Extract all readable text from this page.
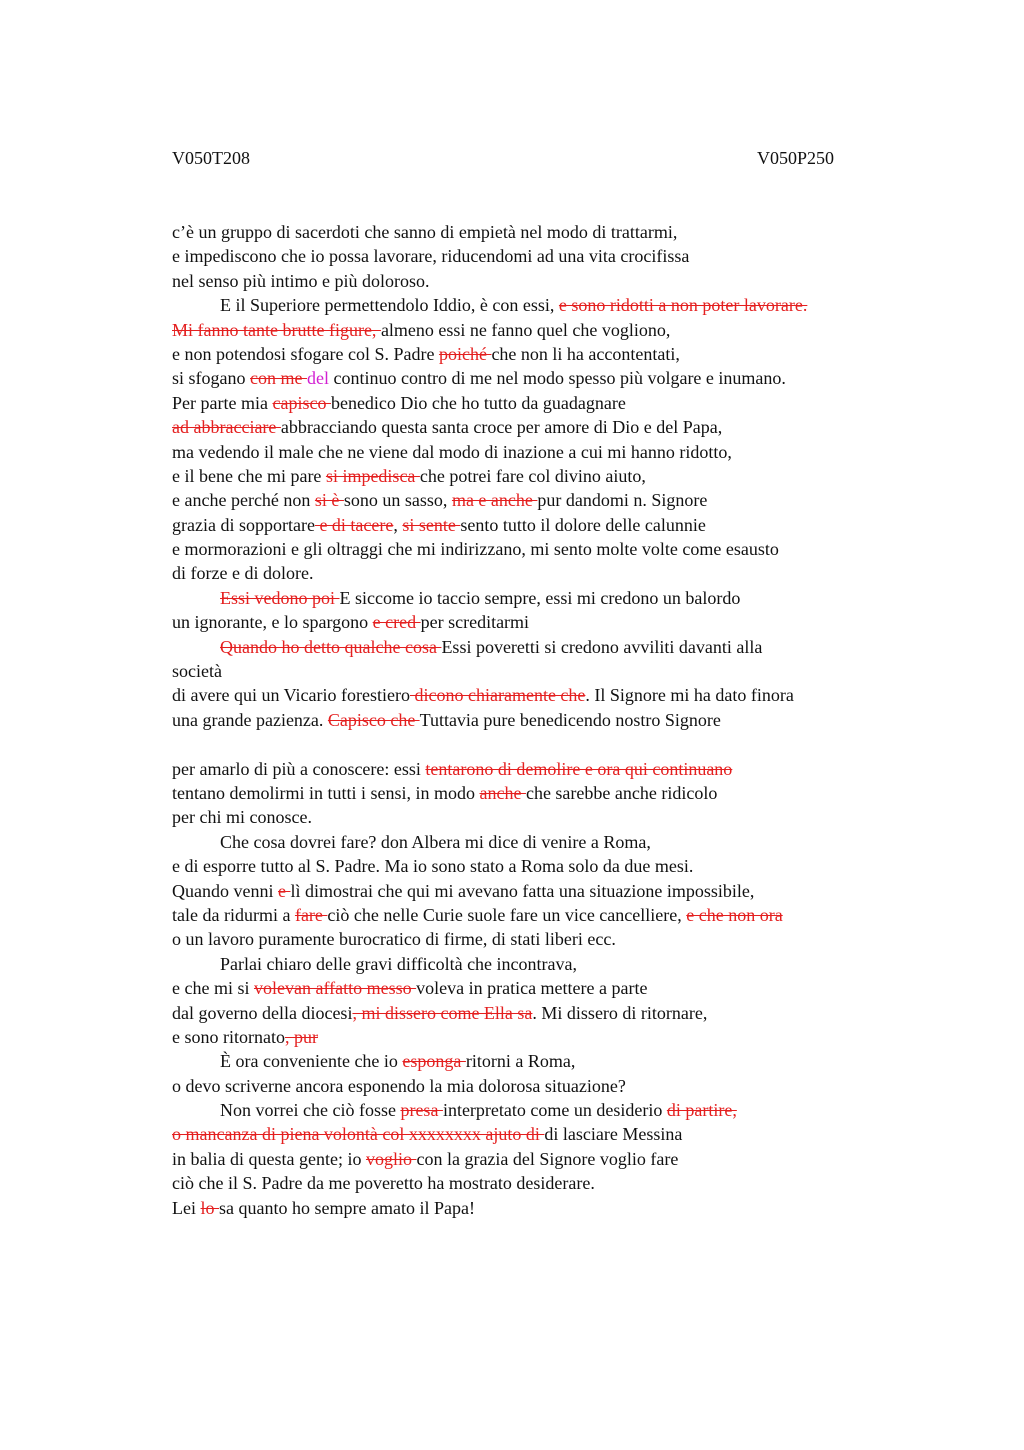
V050T208	V050P250
c’è un gruppo di sacerdoti che sanno di empietà nel modo di trattarmi,
e impediscono che io possa lavorare, riducendomi ad una vita crocifissa
nel senso più intimo e più doloroso.
E il Superiore permettendolo Iddio, è con essi, e sono ridotti a non poter lavorare.
Mi fanno tante brutte figure, almeno essi ne fanno quel che vogliono,
e non potendosi sfogare col S. Padre poiché che non li ha accontentati,
si sfogano con me del continuo contro di me nel modo spesso più volgare e inumano.
Per parte mia capisco benedico Dio che ho tutto da guadagnare
ad abbracciare abbracciando questa santa croce per amore di Dio e del Papa,
ma vedendo il male che ne viene dal modo di inazione a cui mi hanno ridotto,
e il bene che mi pare si impedisca che potrei fare col divino aiuto,
e anche perché non si è sono un sasso, ma e anche pur dandomi n. Signore
grazia di sopportare e di tacere, si sente sento tutto il dolore delle calunnie
e mormorazioni e gli oltraggi che mi indirizzano, mi sento molte volte come esausto
di forze e di dolore.
Essi vedono poi E siccome io taccio sempre, essi mi credono un balordo
un ignorante, e lo spargono e cred per screditarmi
Quando ho detto qualche cosa Essi poveretti si credono avviliti davanti alla
società
di avere qui un Vicario forestiero dicono chiaramente che. Il Signore mi ha dato finora
una grande pazienza. Capisco che Tuttavia pure benedicendo nostro Signore
per amarlo di più a conoscere: essi tentarono di demolire e ora qui continuano
tentano demolirmi in tutti i sensi, in modo anche che sarebbe anche ridicolo
per chi mi conosce.
Che cosa dovrei fare? don Albera mi dice di venire a Roma,
e di esporre tutto al S. Padre. Ma io sono stato a Roma solo da due mesi.
Quando venni e lì dimostrai che qui mi avevano fatta una situazione impossibile,
tale da ridurmi a fare ciò che nelle Curie suole fare un vice cancelliere, e che non ora
o un lavoro puramente burocratico di firme, di stati liberi ecc.
Parlai chiaro delle gravi difficoltà che incontrava,
e che mi si volevan affatto messo voleva in pratica mettere a parte
dal governo della diocesi, mi dissero come Ella sa. Mi dissero di ritornare,
e sono ritornato, pur
È ora conveniente che io esponga ritorni a Roma,
o devo scriverne ancora esponendo la mia dolorosa situazione?
Non vorrei che ciò fosse presa interpretato come un desiderio di partire,
o mancanza di piena volontà col xxxxxxxx ajuto di di lasciare Messina
in balia di questa gente; io voglio con la grazia del Signore voglio fare
ciò che il S. Padre da me poveretto ha mostrato desiderare.
Lei lo sa quanto ho sempre amato il Papa!
